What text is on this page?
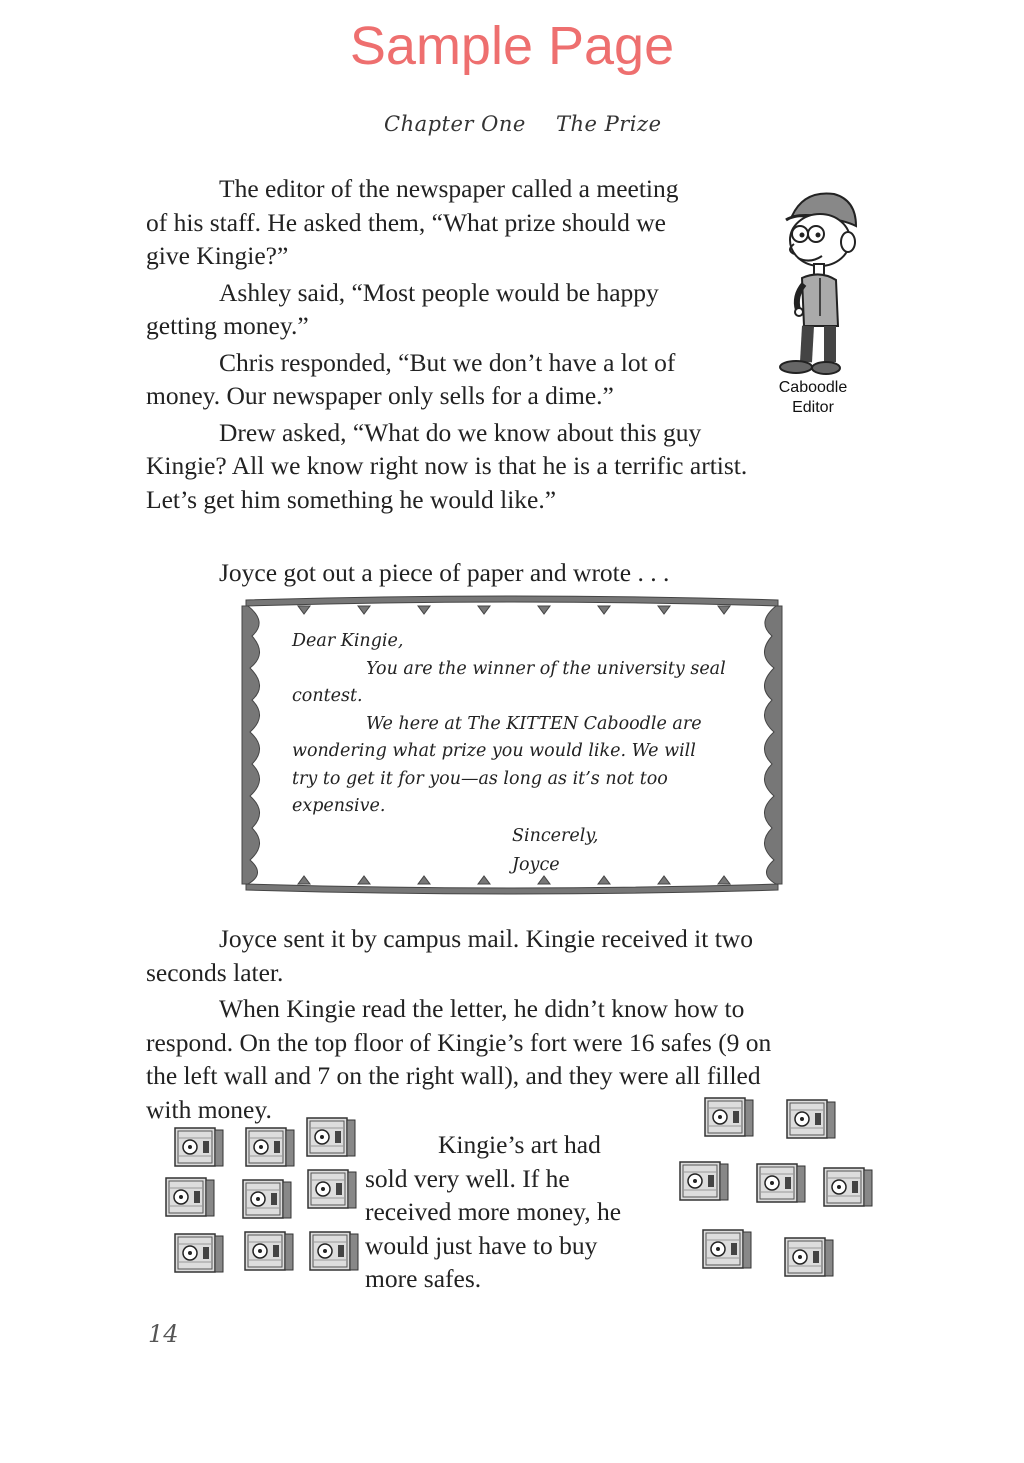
Sample Page
Chapter One The Prize
The editor of the newspaper called a meeting
of his staff. He asked them, “What prize should we
give Kingie?”
Ashley said, “Most people would be happy
getting money.”
Chris responded, “But we don’t have a lot of
money. Our newspaper only sells for a dime.”
Drew asked, “What do we know about this guy
Kingie? All we know right now is that he is a terrific artist.
Let’s get him something he would like.”
Caboodle
Editor
Joyce got out a piece of paper and wrote . . .
Dear Kingie,
You are the winner of the university seal
contest.
We here at The KITTEN Caboodle are
wondering what prize you would like. We will
try to get it for you—as long as it’s not too
expensive.
Sincerely,
Joyce
Joyce sent it by campus mail. Kingie received it two
seconds later.
When Kingie read the letter, he didn’t know how to
respond. On the top floor of Kingie’s fort were 16 safes (9 on
the left wall and 7 on the right wall), and they were all filled
with money.
Kingie’s art had
sold very well. If he
received more money, he
would just have to buy
more safes.
14
